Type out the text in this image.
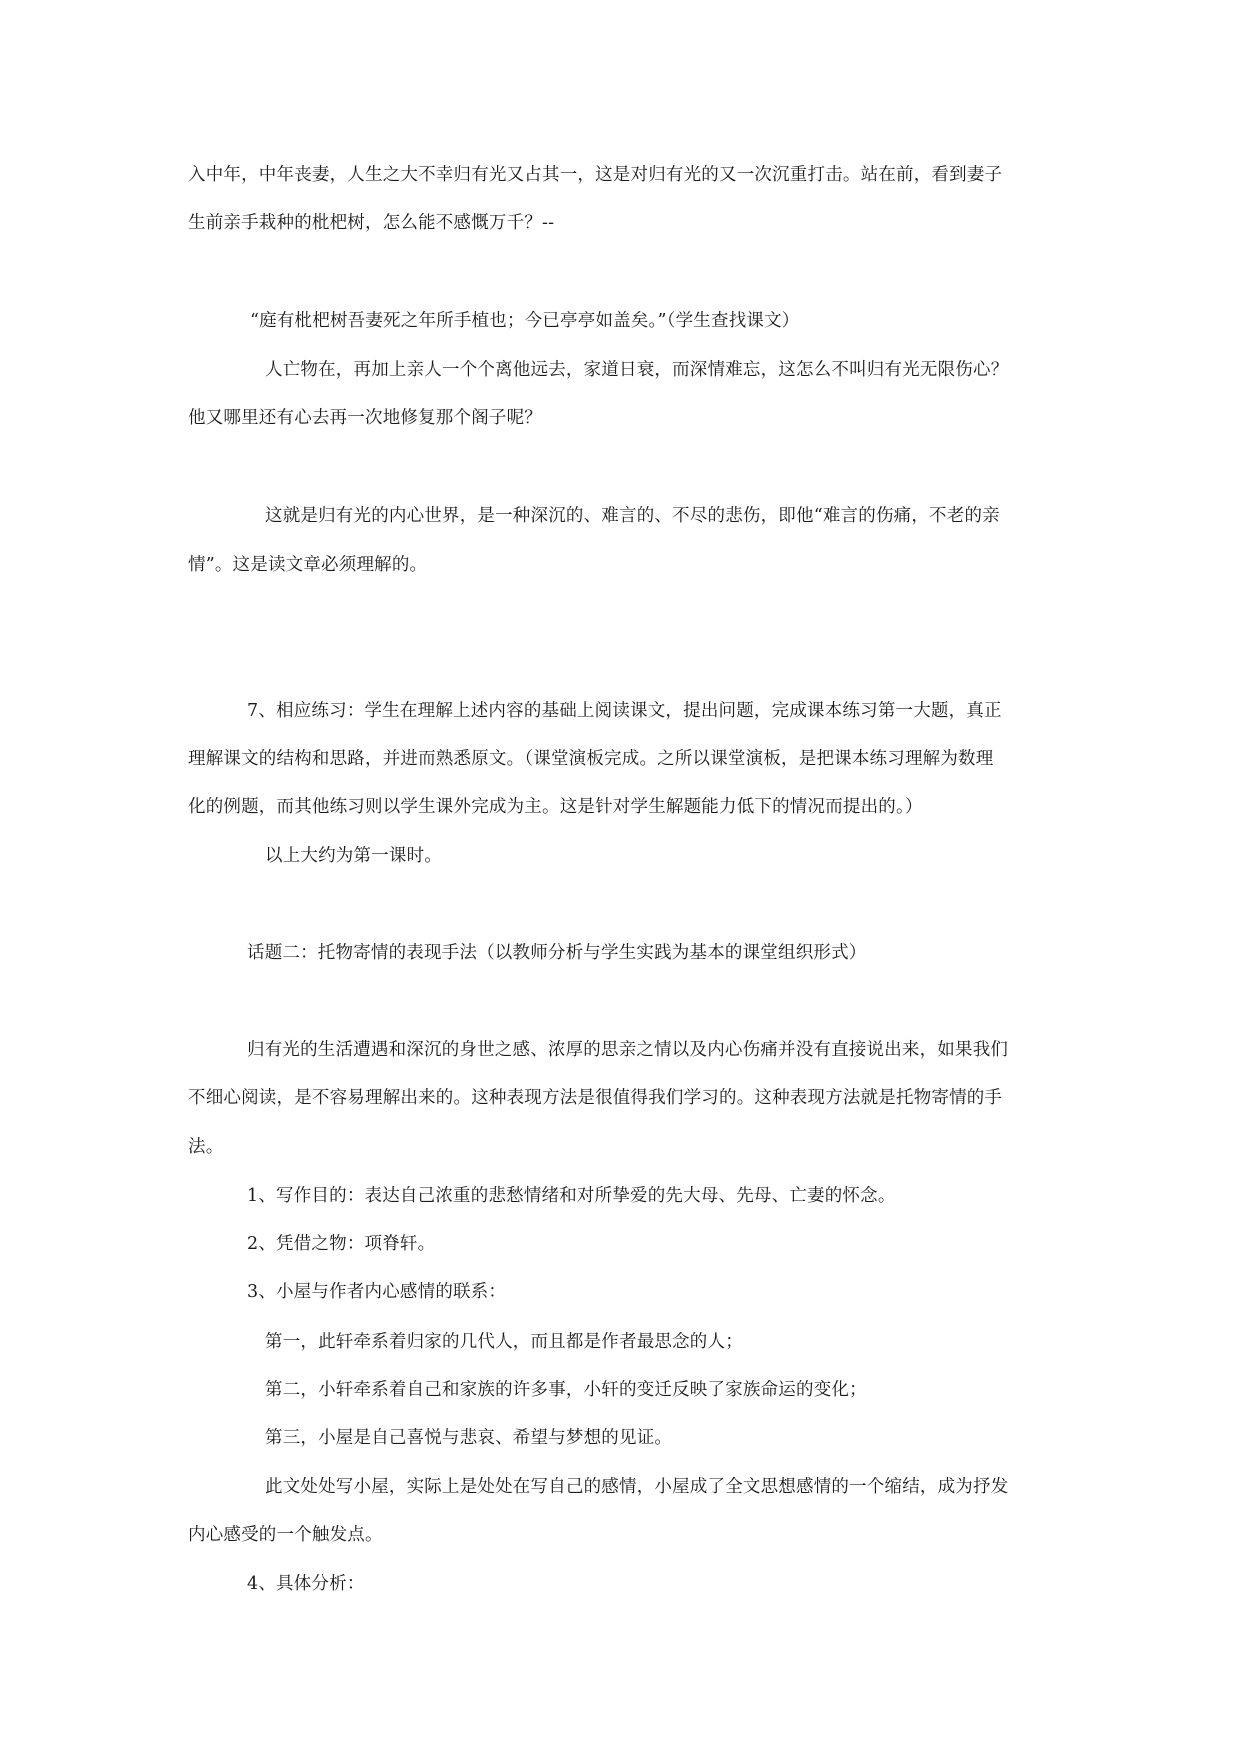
入中年，中年丧妻，人生之大不幸归有光又占其一，这是对归有光的又一次沉重打击。站在前，看到妻子
生前亲手栽种的枇杷树，怎么能不感慨万千？--
“庭有枇杷树吾妻死之年所手植也；今已亭亭如盖矣。”（学生查找课文）
人亡物在，再加上亲人一个个离他远去，家道日衰，而深情难忘，这怎么不叫归有光无限伤心？
他又哪里还有心去再一次地修复那个阁子呢？
这就是归有光的内心世界，是一种深沉的、难言的、不尽的悲伤，即他“难言的伤痛，不老的亲
情”。这是读文章必须理解的。
7、相应练习：学生在理解上述内容的基础上阅读课文，提出问题，完成课本练习第一大题，真正
理解课文的结构和思路，并进而熟悉原文。（课堂演板完成。之所以课堂演板，是把课本练习理解为数理
化的例题，而其他练习则以学生课外完成为主。这是针对学生解题能力低下的情况而提出的。）
以上大约为第一课时。
话题二：托物寄情的表现手法（以教师分析与学生实践为基本的课堂组织形式）
归有光的生活遭遇和深沉的身世之感、浓厚的思亲之情以及内心伤痛并没有直接说出来，如果我们
不细心阅读，是不容易理解出来的。这种表现方法是很值得我们学习的。这种表现方法就是托物寄情的手
法。
1、写作目的：表达自己浓重的悲愁情绪和对所挚爱的先大母、先母、亡妻的怀念。
2、凭借之物：项脊轩。
3、小屋与作者内心感情的联系：
第一，此轩牵系着归家的几代人，而且都是作者最思念的人；
第二，小轩牵系着自己和家族的许多事，小轩的变迁反映了家族命运的变化；
第三，小屋是自己喜悦与悲哀、希望与梦想的见证。
此文处处写小屋，实际上是处处在写自己的感情，小屋成了全文思想感情的一个缩结，成为抒发
内心感受的一个触发点。
4、具体分析：
